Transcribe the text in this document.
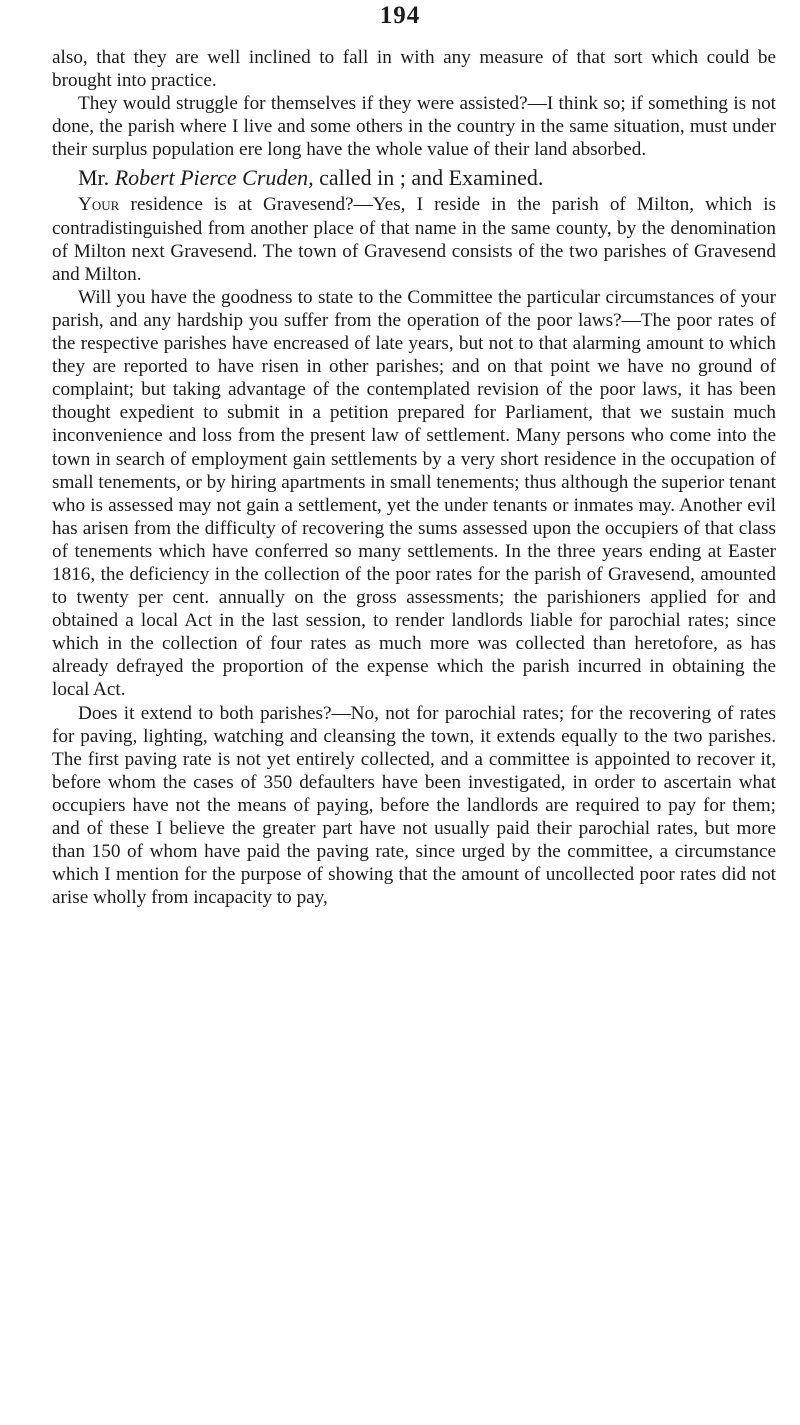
194

also, that they are well inclined to fall in with any measure of that sort which could be brought into practice.

They would struggle for themselves if they were assisted?—I think so; if something is not done, the parish where I live and some others in the country in the same situation, must under their surplus population ere long have the whole value of their land absorbed.

Mr. Robert Pierce Cruden, called in ; and Examined.

Your residence is at Gravesend?—Yes, I reside in the parish of Milton, which is contradistinguished from another place of that name in the same county, by the denomination of Milton next Gravesend. The town of Gravesend consists of the two parishes of Gravesend and Milton.

Will you have the goodness to state to the Committee the particular circumstances of your parish, and any hardship you suffer from the operation of the poor laws?—The poor rates of the respective parishes have encreased of late years, but not to that alarming amount to which they are reported to have risen in other parishes; and on that point we have no ground of complaint; but taking advantage of the contemplated revision of the poor laws, it has been thought expedient to submit in a petition prepared for Parliament, that we sustain much inconvenience and loss from the present law of settlement. Many persons who come into the town in search of employment gain settlements by a very short residence in the occupation of small tenements, or by hiring apartments in small tenements; thus although the superior tenant who is assessed may not gain a settlement, yet the under tenants or inmates may. Another evil has arisen from the difficulty of recovering the sums assessed upon the occupiers of that class of tenements which have conferred so many settlements. In the three years ending at Easter 1816, the deficiency in the collection of the poor rates for the parish of Gravesend, amounted to twenty per cent. annually on the gross assessments; the parishioners applied for and obtained a local Act in the last session, to render landlords liable for parochial rates; since which in the collection of four rates as much more was collected than heretofore, as has already defrayed the proportion of the expense which the parish incurred in obtaining the local Act.

Does it extend to both parishes?—No, not for parochial rates; for the recovering of rates for paving, lighting, watching and cleansing the town, it extends equally to the two parishes. The first paving rate is not yet entirely collected, and a committee is appointed to recover it, before whom the cases of 350 defaulters have been investigated, in order to ascertain what occupiers have not the means of paying, before the landlords are required to pay for them; and of these I believe the greater part have not usually paid their parochial rates, but more than 150 of whom have paid the paving rate, since urged by the committee, a circumstance which I mention for the purpose of showing that the amount of uncollected poor rates did not arise wholly from incapacity to pay,
